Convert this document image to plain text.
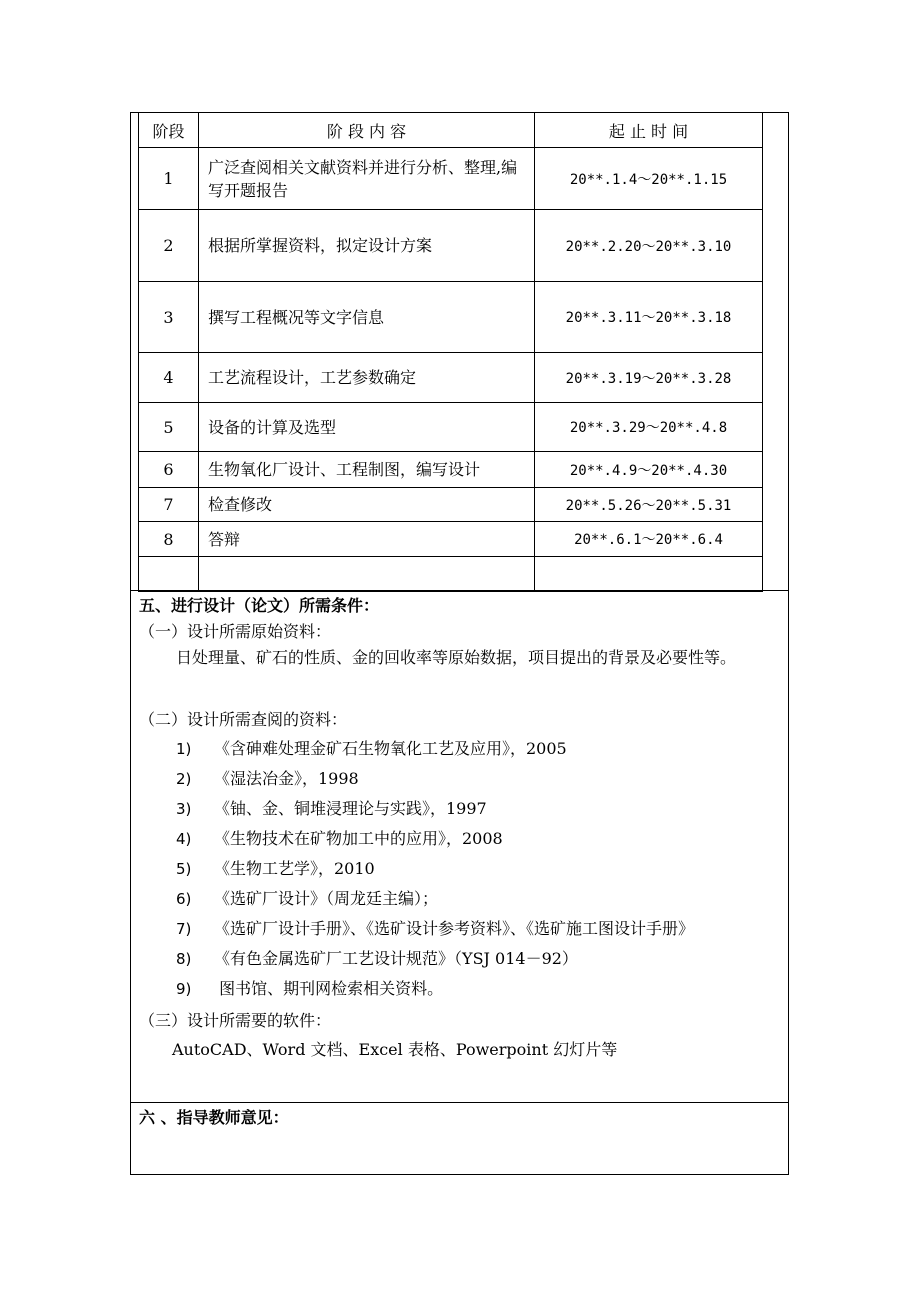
阶段	阶 段 内 容	起 止 时 间
1	广泛查阅相关文献资料并进行分析、整理,编写开题报告	20**.1.4～20**.1.15
2	根据所掌握资料，拟定设计方案	20**.2.20～20**.3.10
3	撰写工程概况等文字信息	20**.3.11～20**.3.18
4	工艺流程设计，工艺参数确定	20**.3.19～20**.3.28
5	设备的计算及选型	20**.3.29～20**.4.8
6	生物氧化厂设计、工程制图，编写设计	20**.4.9～20**.4.30
7	检查修改	20**.5.26～20**.5.31
8	答辩	20**.6.1～20**.6.4

五、进行设计（论文）所需条件：
（一）设计所需原始资料：
日处理量、矿石的性质、金的回收率等原始数据，项目提出的背景及必要性等。
（二）设计所需查阅的资料：
1) 《含砷难处理金矿石生物氧化工艺及应用》，2005
2) 《湿法冶金》，1998
3) 《铀、金、铜堆浸理论与实践》，1997
4) 《生物技术在矿物加工中的应用》，2008
5) 《生物工艺学》，2010
6) 《选矿厂设计》（周龙廷主编）；
7) 《选矿厂设计手册》、《选矿设计参考资料》、《选矿施工图设计手册》
8) 《有色金属选矿厂工艺设计规范》（YSJ 014－92）
9) 图书馆、期刊网检索相关资料。
（三）设计所需要的软件：
AutoCAD、Word 文档、Excel 表格、Powerpoint 幻灯片等
六 、指导教师意见：
